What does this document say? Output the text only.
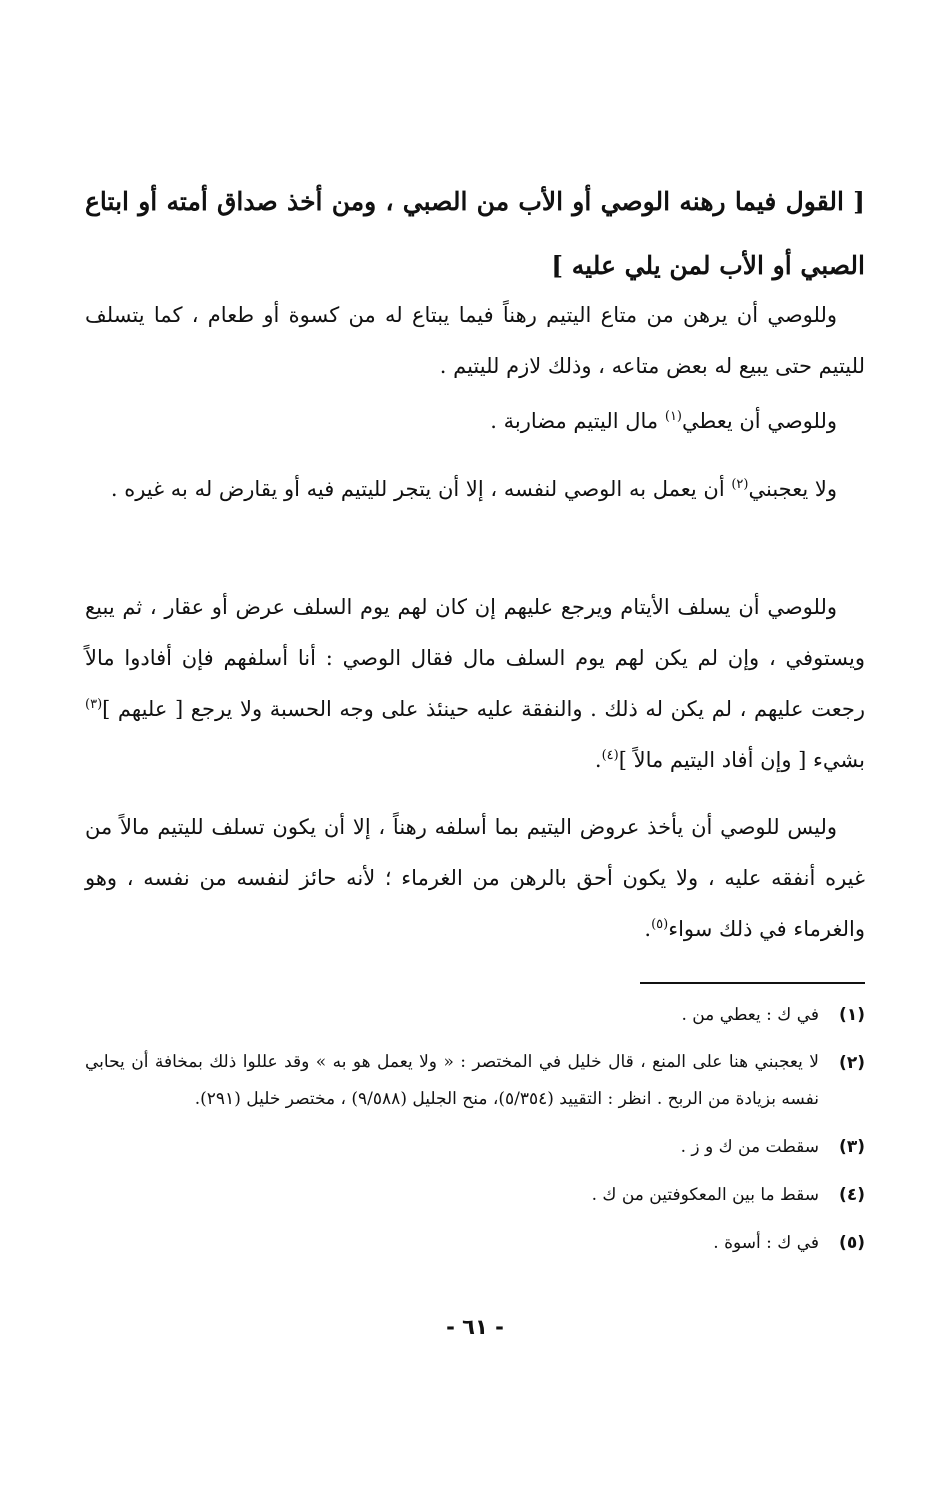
[ القول فيما رهنه الوصي أو الأب من الصبي ، ومن أخذ صداق أمته أو ابتاع الصبي أو الأب لمن يلي عليه ]
وللوصي أن يرهن من متاع اليتيم رهناً فيما يبتاع له من كسوة أو طعام ، كما يتسلف لليتيم حتى يبيع له بعض متاعه ، وذلك لازم لليتيم .
وللوصي أن يعطي$^{(١)}$ مال اليتيم مضاربة .
ولا يعجبني$^{(٢)}$ أن يعمل به الوصي لنفسه ، إلا أن يتجر لليتيم فيه أو يقارض له به غيره .
وللوصي أن يسلف الأيتام ويرجع عليهم إن كان لهم يوم السلف عرض أو عقار ، ثم يبيع ويستوفي ، وإن لم يكن لهم يوم السلف مال فقال الوصي : أنا أسلفهم فإن أفادوا مالاً رجعت عليهم ، لم يكن له ذلك . والنفقة عليه حينئذ على وجه الحسبة ولا يرجع [ عليهم ]$^{(٣)}$ بشيء [ وإن أفاد اليتيم مالاً ]$^{(٤)}$.
وليس للوصي أن يأخذ عروض اليتيم بما أسلفه رهناً ، إلا أن يكون تسلف لليتيم مالاً من غيره أنفقه عليه ، ولا يكون أحق بالرهن من الغرماء ؛ لأنه حائز لنفسه من نفسه ، وهو والغرماء في ذلك سواء$^{(٥)}$.
(١)
في ك : يعطي من .
(٢)
لا يعجبني هنا على المنع ، قال خليل في المختصر : « ولا يعمل هو به » وقد عللوا ذلك بمخافة أن يحابي نفسه بزيادة من الربح . انظر : التقييد (٥/٣٥٤)، منح الجليل (٩/٥٨٨) ، مختصر خليل (٢٩١).
(٣)
سقطت من ك و ز .
(٤)
سقط ما بين المعكوفتين من ك .
(٥)
في ك : أسوة .
- ٦١ -
